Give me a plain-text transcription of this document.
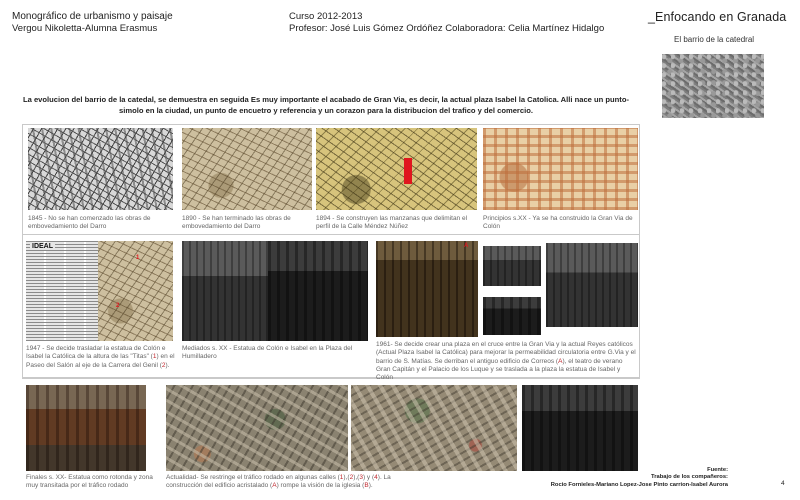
Monográfico de urbanismo y paisaje
Vergou Nikoletta-Alumna Erasmus
Curso 2012-2013
Profesor: José Luis Gómez Ordóñez Colaboradora: Celia Martínez Hidalgo
_Enfocando en Granada
El barrio de la catedral
La evolucion del barrio de la catedal, se demuestra en seguida Es muy importante el acabado de Gran Via, es decir, la actual plaza Isabel la Catolica. Alli nace un punto-simolo en la ciudad, un punto de encuetro y referencia y un corazon para la distribucion del trafico y del comercio.
1845 - No se han comenzado las obras de embovedamiento del Darro
1890 - Se han terminado las obras de embovedamiento del Darro
1894 - Se construyen las manzanas que delimitan el perfil de la Calle Méndez Núñez
Principios s.XX - Ya se ha construido la Gran Via de Colón
IDEAL
1
2
1947 - Se decide trasladar la estatua de Colón e Isabel la Católica de la altura de las "Titas" (1) en el Paseo del Salón al eje de la Carrera del Genil (2).
Mediados s. XX - Estatua de Colón e Isabel en la Plaza del Humilladero
A
1961- Se decide crear una plaza en el cruce entre la Gran Via y la actual Reyes católicos (Actual Plaza Isabel la Católica) para mejorar la permeabilidad circulatoria entre G.Via y el barrio de S. Matías. Se derriban el antiguo edificio de Correos (A), el teatro de verano Gran Capitán y el Palacio de los Luque y se traslada a la plaza la estatua de Isabel y Colón
Finales s. XX- Estatua como rotonda y zona muy transitada por el tráfico rodado
Actualidad- Se restringe el tráfico rodado en algunas calles (1),(2),(3) y (4). La construcción del edificio acristalado (A) rompe la visión de la iglesia (B).
Fuente:
Trabajo de los compañeros:
Rocio Fornieles-Mariano Lopez-Jose Pinto carrion-Isabel Aurora	4
